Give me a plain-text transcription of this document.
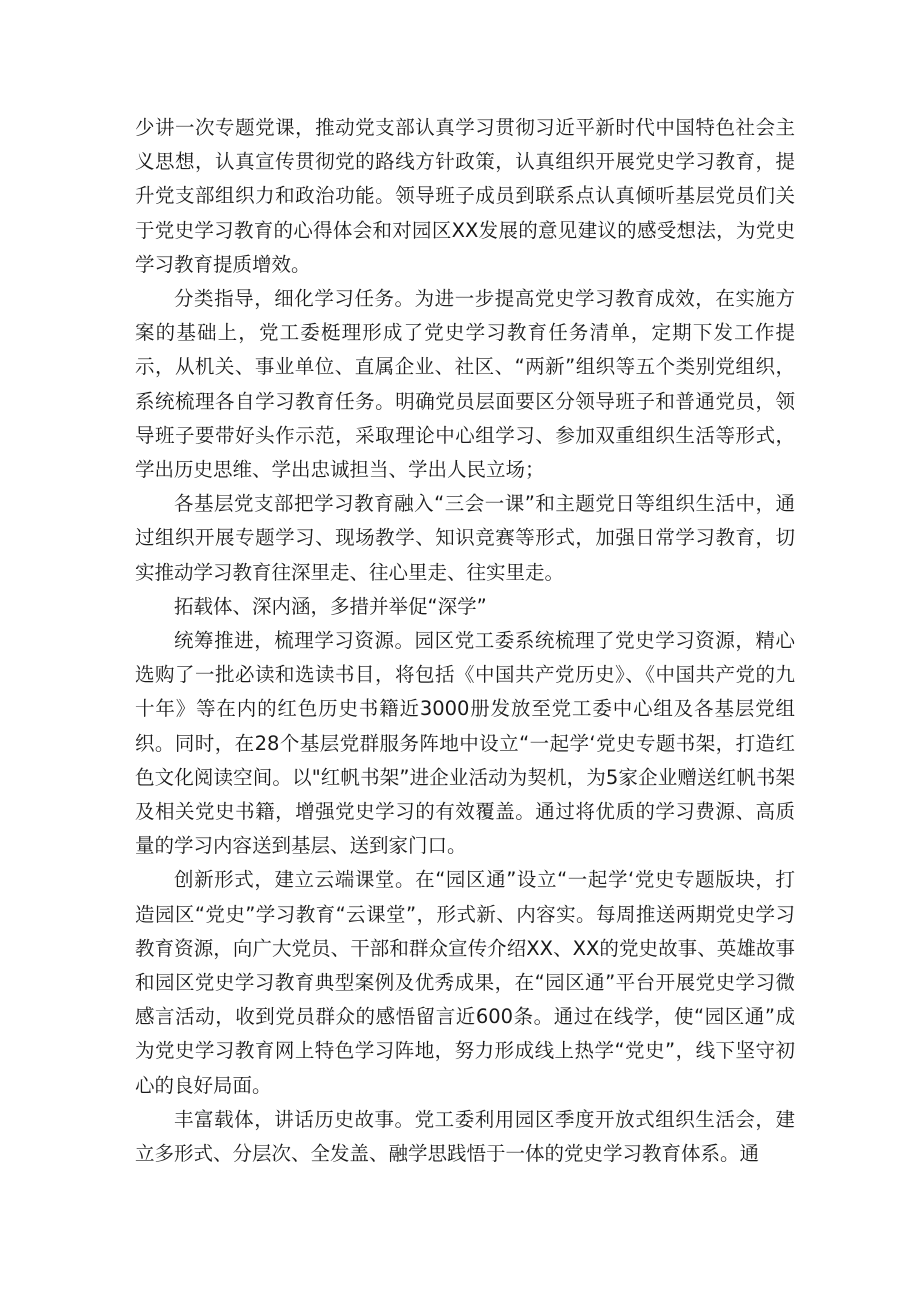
少讲一次专题党课，推动党支部认真学习贯彻习近平新时代中国特色社会主义思想，认真宣传贯彻党的路线方针政策，认真组织开展党史学习教育，提升党支部组织力和政治功能。领导班子成员到联系点认真倾听基层党员们关于党史学习教育的心得体会和对园区XX发展的意见建议的感受想法，为党史学习教育提质增效。

分类指导，细化学习任务。为进一步提高党史学习教育成效，在实施方案的基础上，党工委梃理形成了党史学习教育任务清单，定期下发工作提示，从机关、事业单位、直属企业、社区、“两新”组织等五个类别党组织，系统梳理各自学习教育任务。明确党员层面要区分领导班子和普通党员，领导班子要带好头作示范，采取理论中心组学习、参加双重组织生活等形式，学出历史思维、学出忠诚担当、学出人民立场；

各基层党支部把学习教育融入“三会一课”和主题党日等组织生活中，通过组织开展专题学习、现场教学、知识竞赛等形式，加强日常学习教育，切实推动学习教育往深里走、往心里走、往实里走。

拓载体、深内涵，多措并举促“深学”

统筹推进，梳理学习资源。园区党工委系统梳理了党史学习资源，精心选购了一批必读和选读书目，将包括《中国共产党历史》、《中国共产党的九十年》等在内的红色历史书籍近3000册发放至党工委中心组及各基层党组织。同时，在28个基层党群服务阵地中设立“一起学‘党史专题书架，打造红色文化阅读空间。以"红帆书架”进企业活动为契机，为5家企业赠送红帆书架及相关党史书籍，增强党史学习的有效覆盖。通过将优质的学习费源、高质量的学习内容送到基层、送到家门口。

创新形式，建立云端课堂。在“园区通”设立“一起学‘党史专题版块，打造园区“党史”学习教育“云课堂”，形式新、内容实。每周推送两期党史学习教育资源，向广大党员、干部和群众宣传介绍XX、XX的党史故事、英雄故事和园区党史学习教育典型案例及优秀成果，在“园区通”平台开展党史学习微感言活动，收到党员群众的感悟留言近600条。通过在线学，使“园区通”成为党史学习教育网上特色学习阵地，努力形成线上热学“党史”，线下坚守初心的良好局面。

丰富载体，讲话历史故事。党工委利用园区季度开放式组织生活会，建立多形式、分层次、全发盖、融学思践悟于一体的党史学习教育体系。通
